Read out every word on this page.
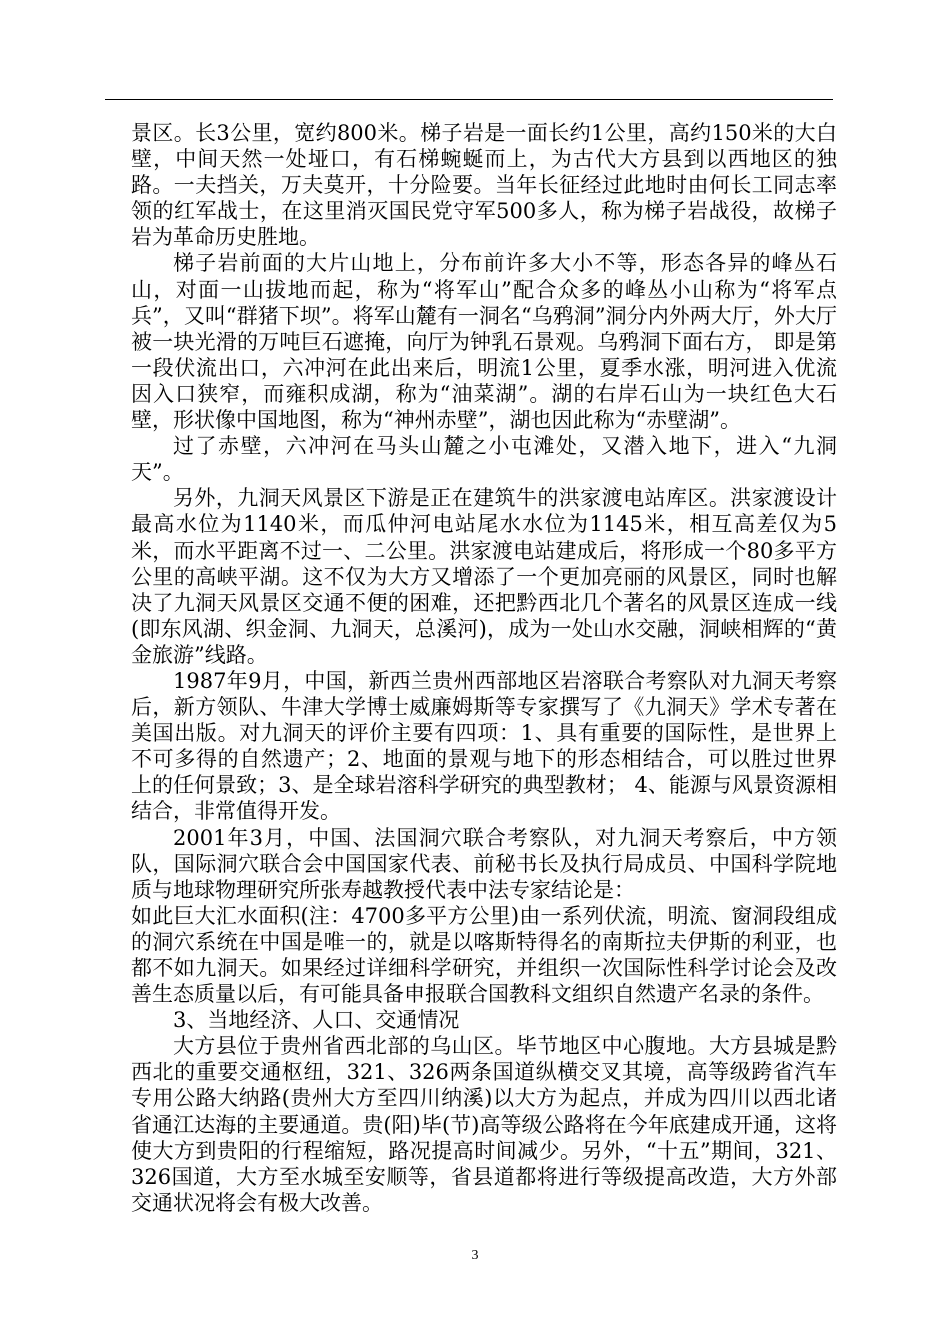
景区。长3公里，宽约800米。梯子岩是一面长约1公里，高约150米的大白壁，中间天然一处垭口，有石梯蜿蜒而上，为古代大方县到以西地区的独路。一夫挡关，万夫莫开，十分险要。当年长征经过此地时由何长工同志率领的红军战士，在这里消灭国民党守军500多人，称为梯子岩战役，故梯子岩为革命历史胜地。

梯子岩前面的大片山地上，分布前许多大小不等，形态各异的峰丛石山，对面一山拔地而起，称为“将军山”配合众多的峰丛小山称为“将军点兵”，又叫“群猪下坝”。将军山麓有一洞名“乌鸦洞”洞分内外两大厅，外大厅被一块光滑的万吨巨石遮掩，向厅为钟乳石景观。乌鸦洞下面右方， 即是第一段伏流出口，六冲河在此出来后，明流1公里，夏季水涨，明河进入优流因入口狭窄，而雍积成湖，称为“油菜湖”。湖的右岸石山为一块红色大石壁，形状像中国地图，称为“神州赤壁”，湖也因此称为“赤壁湖”。

过了赤壁，六冲河在马头山麓之小屯滩处，又潜入地下，进入“九洞天”。

另外，九洞天风景区下游是正在建筑牛的洪家渡电站库区。洪家渡设计最高水位为1140米，而瓜仲河电站尾水水位为1145米，相互高差仅为5米，而水平距离不过一、二公里。洪家渡电站建成后，将形成一个80多平方公里的高峡平湖。这不仅为大方又增添了一个更加亮丽的风景区，同时也解决了九洞天风景区交通不便的困难，还把黔西北几个著名的风景区连成一线(即东风湖、织金洞、九洞天，总溪河)，成为一处山水交融，洞峡相辉的“黄金旅游”线路。

1987年9月，中国，新西兰贵州西部地区岩溶联合考察队对九洞天考察后，新方领队、牛津大学博士威廉姆斯等专家撰写了《九洞天》学术专著在美国出版。对九洞天的评价主要有四项：1、具有重要的国际性，是世界上不可多得的自然遗产；2、地面的景观与地下的形态相结合，可以胜过世界上的任何景致；3、是全球岩溶科学研究的典型教材； 4、能源与风景资源相结合，非常值得开发。

2001年3月，中国、法国洞穴联合考察队，对九洞天考察后，中方领队，国际洞穴联合会中国国家代表、前秘书长及执行局成员、中国科学院地质与地球物理研究所张寿越教授代表中法专家结论是：

如此巨大汇水面积(注：4700多平方公里)由一系列伏流，明流、窗洞段组成的洞穴系统在中国是唯一的，就是以喀斯特得名的南斯拉夫伊斯的利亚，也都不如九洞天。如果经过详细科学研究，并组织一次国际性科学讨论会及改善生态质量以后，有可能具备申报联合国教科文组织自然遗产名录的条件。

3、当地经济、人口、交通情况

大方县位于贵州省西北部的乌山区。毕节地区中心腹地。大方县城是黔西北的重要交通枢纽，321、326两条国道纵横交叉其境，高等级跨省汽车专用公路大纳路(贵州大方至四川纳溪)以大方为起点，并成为四川以西北诸省通江达海的主要通道。贵(阳)毕(节)高等级公路将在今年底建成开通，这将使大方到贵阳的行程缩短，路况提高时间减少。另外，“十五”期间，321、326国道，大方至水城至安顺等，省县道都将进行等级提高改造，大方外部交通状况将会有极大改善。

3
